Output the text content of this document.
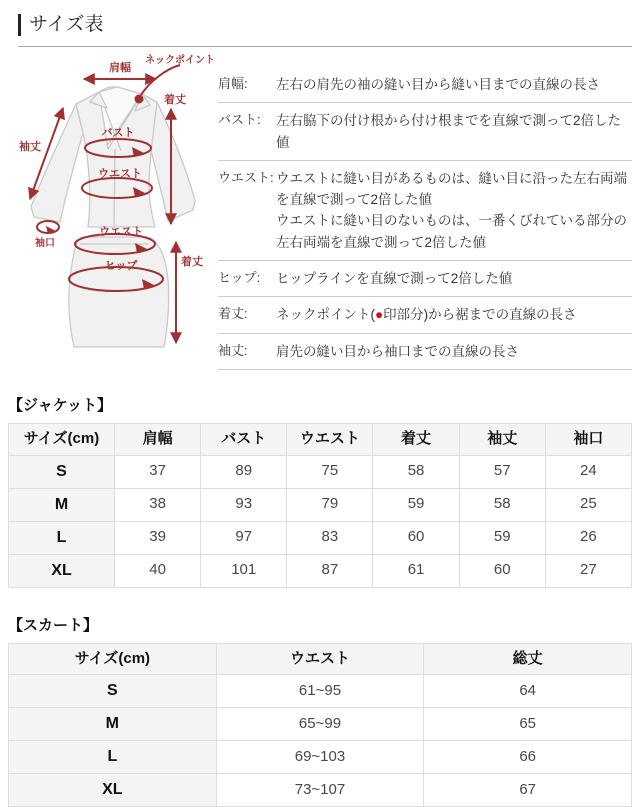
サイズ表
肩幅
ネックポイント
着丈
袖丈
バスト
ウエスト
袖口
ウエスト
ヒップ	着丈
肩幅:	左右の肩先の袖の縫い目から縫い目までの直線の長さ
バスト:	左右脇下の付け根から付け根までを直線で測って2倍した値
ウエスト: ウエストに縫い目があるものは、縫い目に沿った左右両端を直線で測って2倍した値
ウエストに縫い目のないものは、一番くびれている部分の左右両端を直線で測って2倍した値
ヒップ:	ヒップラインを直線で測って2倍した値
着丈:	ネックポイント(●印部分)から裾までの直線の長さ
袖丈:	肩先の縫い目から袖口までの直線の長さ
【ジャケット】
サイズ(cm)	肩幅	バスト	ウエスト	着丈	袖丈	袖口
S	37	89	75	58	57	24
M	38	93	79	59	58	25
L	39	97	83	60	59	26
XL	40	101	87	61	60	27
【スカート】
サイズ(cm)	ウエスト	総丈
S	61~95	64
M	65~99	65
L	69~103	66
XL	73~107	67
